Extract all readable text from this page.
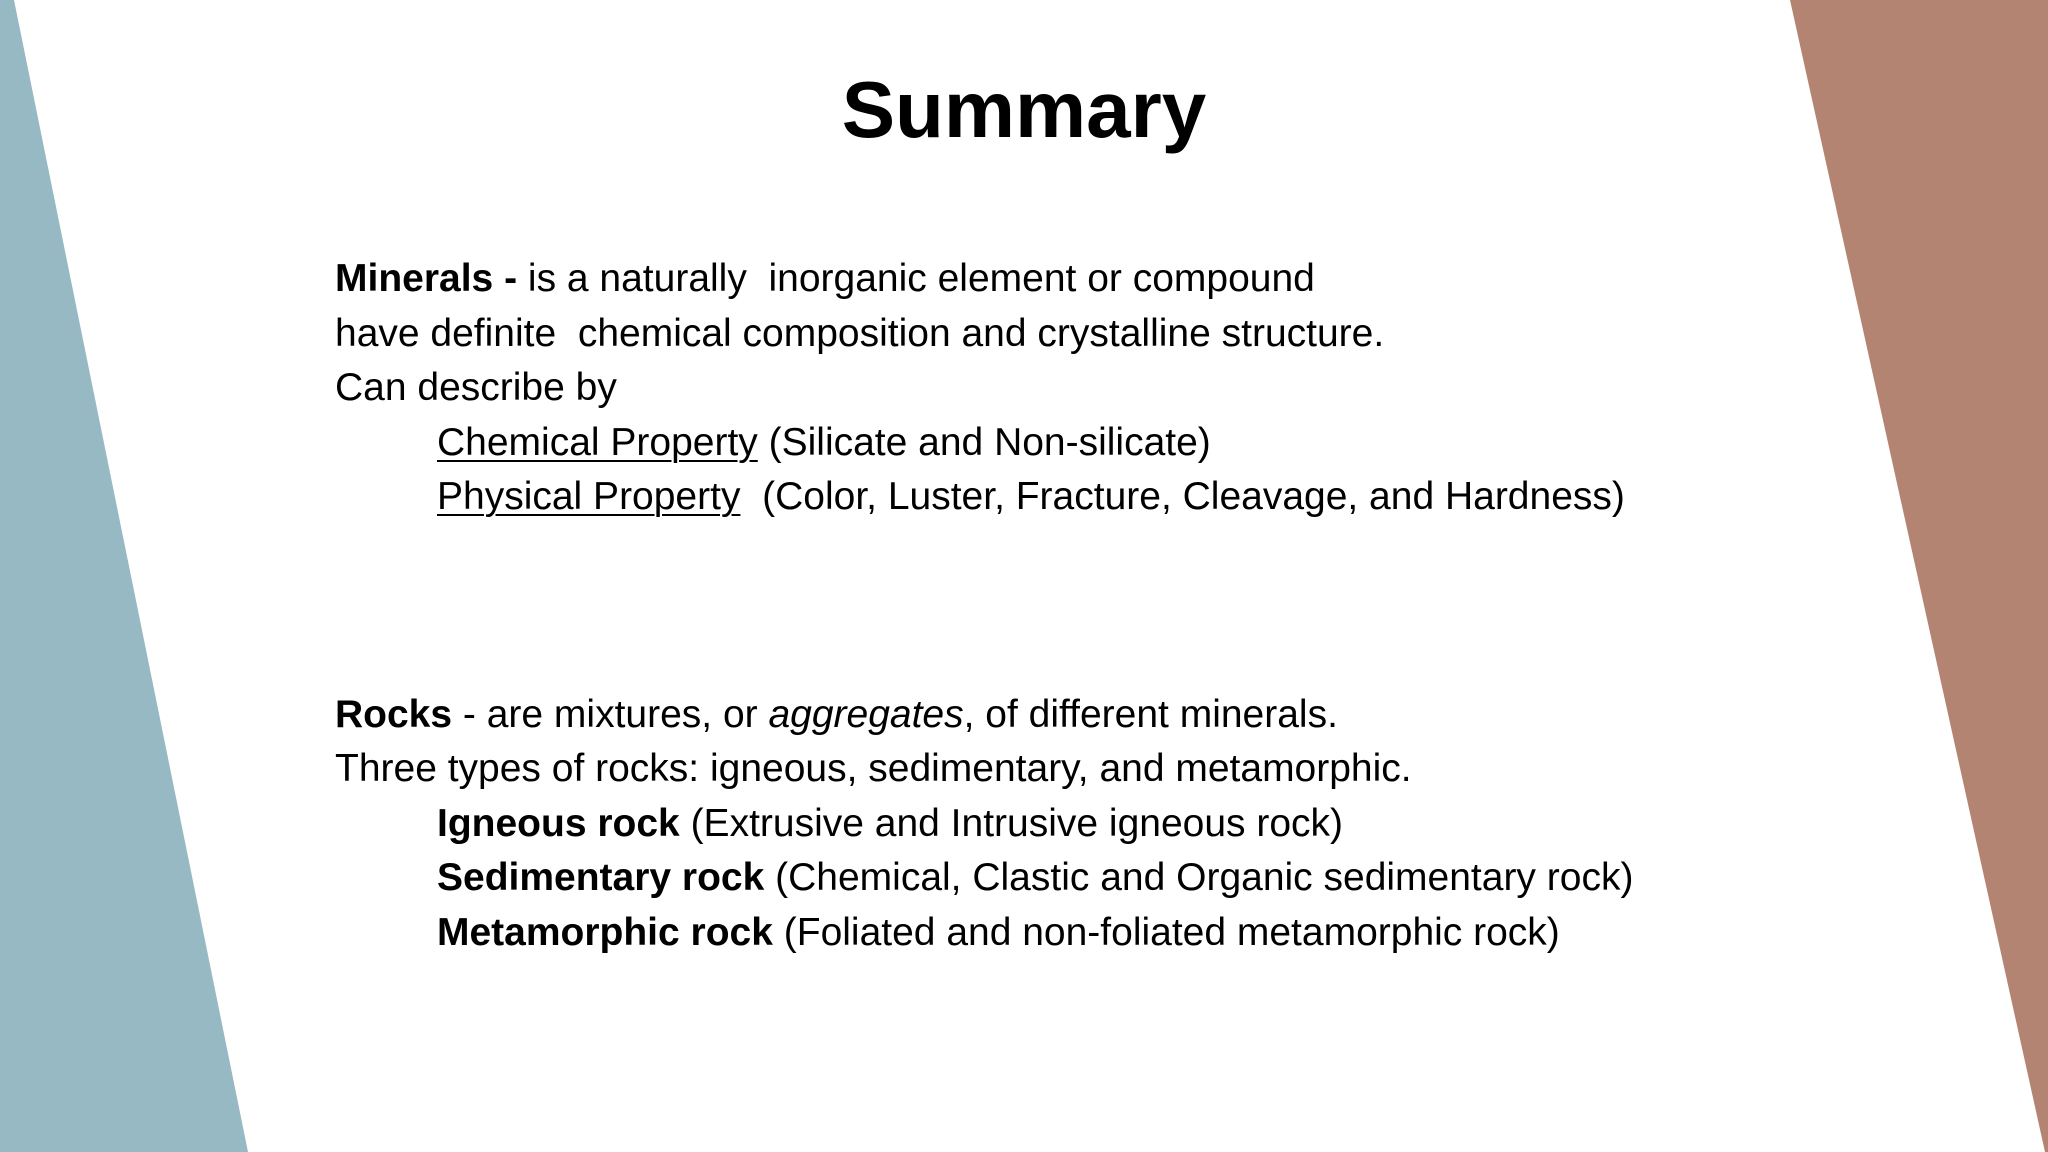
Summary
Minerals - is a naturally  inorganic element or compound
have definite  chemical composition and crystalline structure.
Can describe by
Chemical Property (Silicate and Non-silicate)
Physical Property  (Color, Luster, Fracture, Cleavage, and Hardness)
Rocks - are mixtures, or aggregates, of different minerals.
Three types of rocks: igneous, sedimentary, and metamorphic.
Igneous rock (Extrusive and Intrusive igneous rock)
Sedimentary rock (Chemical, Clastic and Organic sedimentary rock)
Metamorphic rock (Foliated and non-foliated metamorphic rock)
